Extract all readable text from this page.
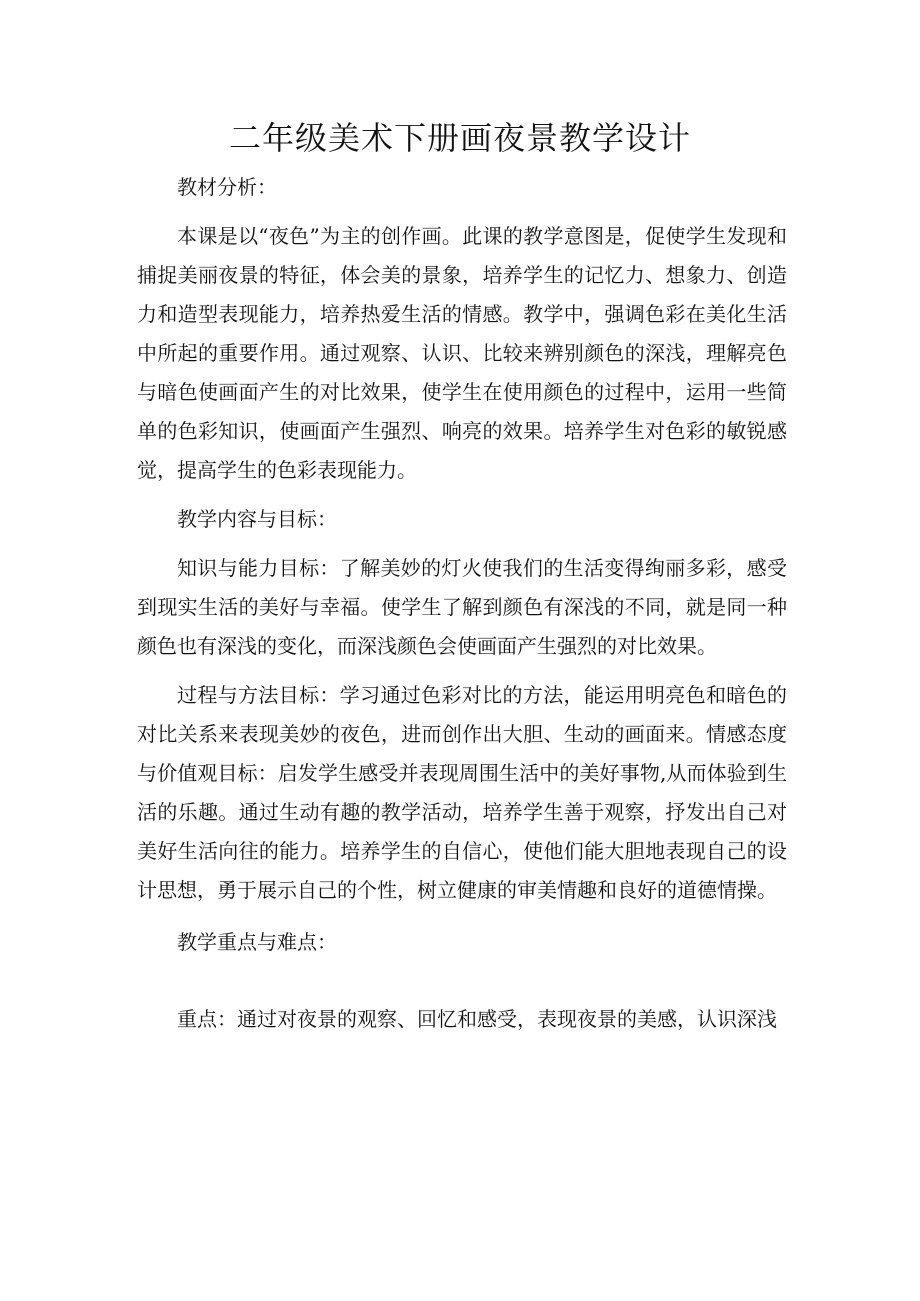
二年级美术下册画夜景教学设计

教材分析：

本课是以“夜色”为主的创作画。此课的教学意图是，促使学生发现和捕捉美丽夜景的特征，体会美的景象，培养学生的记忆力、想象力、创造力和造型表现能力，培养热爱生活的情感。教学中，强调色彩在美化生活中所起的重要作用。通过观察、认识、比较来辨别颜色的深浅，理解亮色与暗色使画面产生的对比效果，使学生在使用颜色的过程中，运用一些简单的色彩知识，使画面产生强烈、响亮的效果。培养学生对色彩的敏锐感觉，提高学生的色彩表现能力。

教学内容与目标：

知识与能力目标：了解美妙的灯火使我们的生活变得绚丽多彩，感受到现实生活的美好与幸福。使学生了解到颜色有深浅的不同，就是同一种颜色也有深浅的变化，而深浅颜色会使画面产生强烈的对比效果。

过程与方法目标：学习通过色彩对比的方法，能运用明亮色和暗色的对比关系来表现美妙的夜色，进而创作出大胆、生动的画面来。情感态度与价值观目标：启发学生感受并表现周围生活中的美好事物,从而体验到生活的乐趣。通过生动有趣的教学活动，培养学生善于观察，抒发出自己对美好生活向往的能力。培养学生的自信心，使他们能大胆地表现自己的设计思想，勇于展示自己的个性，树立健康的审美情趣和良好的道德情操。

教学重点与难点：

重点：通过对夜景的观察、回忆和感受，表现夜景的美感，认识深浅
